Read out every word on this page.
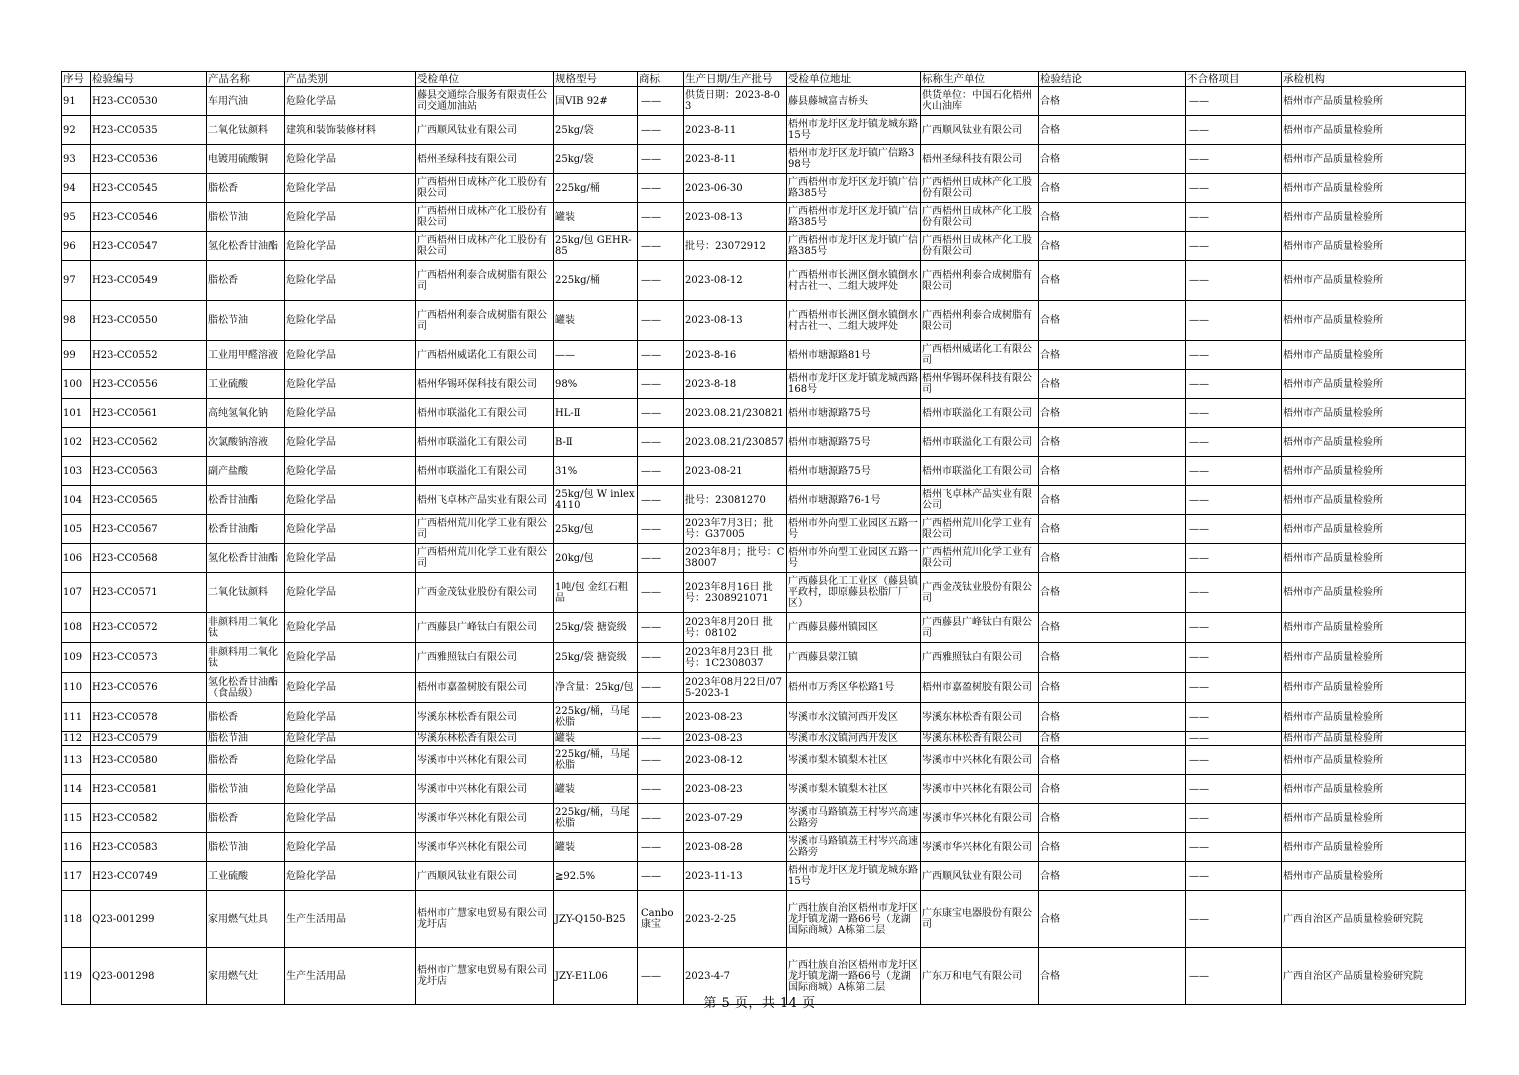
序号	检验编号	产品名称	产品类别	受检单位	规格型号	商标	生产日期/生产批号	受检单位地址	标称生产单位	检验结论	不合格项目	承检机构
91	H23-CC0530	车用汽油	危险化学品	藤县交通综合服务有限责任公司交通加油站	国VIB 92#	——	供货日期：2023-8-03	藤县藤城富吉桥头	供货单位：中国石化梧州火山油库	合格	——	梧州市产品质量检验所
92	H23-CC0535	二氧化钛颜料	建筑和装饰装修材料	广西顺风钛业有限公司	25kg/袋	——	2023-8-11	梧州市龙圩区龙圩镇龙城东路15号	广西顺风钛业有限公司	合格	——	梧州市产品质量检验所
93	H23-CC0536	电镀用硫酸铜	危险化学品	梧州圣绿科技有限公司	25kg/袋	——	2023-8-11	梧州市龙圩区龙圩镇广信路398号	梧州圣绿科技有限公司	合格	——	梧州市产品质量检验所
94	H23-CC0545	脂松香	危险化学品	广西梧州日成林产化工股份有限公司	225kg/桶	——	2023-06-30	广西梧州市龙圩区龙圩镇广信路385号	广西梧州日成林产化工股份有限公司	合格	——	梧州市产品质量检验所
95	H23-CC0546	脂松节油	危险化学品	广西梧州日成林产化工股份有限公司	罐装	——	2023-08-13	广西梧州市龙圩区龙圩镇广信路385号	广西梧州日成林产化工股份有限公司	合格	——	梧州市产品质量检验所
96	H23-CC0547	氢化松香甘油酯	危险化学品	广西梧州日成林产化工股份有限公司	25kg/包 GEHR-85	——	批号：23072912	广西梧州市龙圩区龙圩镇广信路385号	广西梧州日成林产化工股份有限公司	合格	——	梧州市产品质量检验所
97	H23-CC0549	脂松香	危险化学品	广西梧州利泰合成树脂有限公司	225kg/桶	——	2023-08-12	广西梧州市长洲区倒水镇倒水村古社一、二组大坡坪处	广西梧州利泰合成树脂有限公司	合格	——	梧州市产品质量检验所
98	H23-CC0550	脂松节油	危险化学品	广西梧州利泰合成树脂有限公司	罐装	——	2023-08-13	广西梧州市长洲区倒水镇倒水村古社一、二组大坡坪处	广西梧州利泰合成树脂有限公司	合格	——	梧州市产品质量检验所
99	H23-CC0552	工业用甲醛溶液	危险化学品	广西梧州威诺化工有限公司	——	——	2023-8-16	梧州市塘源路81号	广西梧州威诺化工有限公司	合格	——	梧州市产品质量检验所
100	H23-CC0556	工业硫酸	危险化学品	梧州华锡环保科技有限公司	98%	——	2023-8-18	梧州市龙圩区龙圩镇龙城西路168号	梧州华锡环保科技有限公司	合格	——	梧州市产品质量检验所
101	H23-CC0561	高纯氢氧化钠	危险化学品	梧州市联溢化工有限公司	HL-Ⅱ	——	2023.08.21/230821	梧州市塘源路75号	梧州市联溢化工有限公司	合格	——	梧州市产品质量检验所
102	H23-CC0562	次氯酸钠溶液	危险化学品	梧州市联溢化工有限公司	B-Ⅱ	——	2023.08.21/230857	梧州市塘源路75号	梧州市联溢化工有限公司	合格	——	梧州市产品质量检验所
103	H23-CC0563	副产盐酸	危险化学品	梧州市联溢化工有限公司	31%	——	2023-08-21	梧州市塘源路75号	梧州市联溢化工有限公司	合格	——	梧州市产品质量检验所
104	H23-CC0565	松香甘油酯	危险化学品	梧州飞卓林产品实业有限公司	25kg/包 W inlex4110	——	批号：23081270	梧州市塘源路76-1号	梧州飞卓林产品实业有限公司	合格	——	梧州市产品质量检验所
105	H23-CC0567	松香甘油酯	危险化学品	广西梧州荒川化学工业有限公司	25kg/包	——	2023年7月3日；批号：G37005	梧州市外向型工业园区五路一号	广西梧州荒川化学工业有限公司	合格	——	梧州市产品质量检验所
106	H23-CC0568	氢化松香甘油酯	危险化学品	广西梧州荒川化学工业有限公司	20kg/包	——	2023年8月；批号：C38007	梧州市外向型工业园区五路一号	广西梧州荒川化学工业有限公司	合格	——	梧州市产品质量检验所
107	H23-CC0571	二氧化钛颜料	危险化学品	广西金茂钛业股份有限公司	1吨/包 金红石粗品	——	2023年8月16日 批号：2308921071	广西藤县化工工业区（藤县镇平政村，即原藤县松脂厂厂区）	广西金茂钛业股份有限公司	合格	——	梧州市产品质量检验所
108	H23-CC0572	非颜料用二氧化钛	危险化学品	广西藤县广峰钛白有限公司	25kg/袋 搪瓷级	——	2023年8月20日 批号：08102	广西藤县藤州镇园区	广西藤县广峰钛白有限公司	合格	——	梧州市产品质量检验所
109	H23-CC0573	非颜料用二氧化钛	危险化学品	广西雅照钛白有限公司	25kg/袋 搪瓷级	——	2023年8月23日 批号：1C2308037	广西藤县蒙江镇	广西雅照钛白有限公司	合格	——	梧州市产品质量检验所
110	H23-CC0576	氢化松香甘油酯（食品级）	危险化学品	梧州市嘉盈树胶有限公司	净含量：25kg/包	——	2023年08月22日/075-2023-1	梧州市万秀区华松路1号	梧州市嘉盈树胶有限公司	合格	——	梧州市产品质量检验所
111	H23-CC0578	脂松香	危险化学品	岑溪东林松香有限公司	225kg/桶，马尾松脂	——	2023-08-23	岑溪市水汶镇河西开发区	岑溪东林松香有限公司	合格	——	梧州市产品质量检验所
112	H23-CC0579	脂松节油	危险化学品	岑溪东林松香有限公司	罐装	——	2023-08-23	岑溪市水汶镇河西开发区	岑溪东林松香有限公司	合格	——	梧州市产品质量检验所
113	H23-CC0580	脂松香	危险化学品	岑溪市中兴林化有限公司	225kg/桶，马尾松脂	——	2023-08-12	岑溪市梨木镇梨木社区	岑溪市中兴林化有限公司	合格	——	梧州市产品质量检验所
114	H23-CC0581	脂松节油	危险化学品	岑溪市中兴林化有限公司	罐装	——	2023-08-23	岑溪市梨木镇梨木社区	岑溪市中兴林化有限公司	合格	——	梧州市产品质量检验所
115	H23-CC0582	脂松香	危险化学品	岑溪市华兴林化有限公司	225kg/桶，马尾松脂	——	2023-07-29	岑溪市马路镇荔王村岑兴高速公路旁	岑溪市华兴林化有限公司	合格	——	梧州市产品质量检验所
116	H23-CC0583	脂松节油	危险化学品	岑溪市华兴林化有限公司	罐装	——	2023-08-28	岑溪市马路镇荔王村岑兴高速公路旁	岑溪市华兴林化有限公司	合格	——	梧州市产品质量检验所
117	H23-CC0749	工业硫酸	危险化学品	广西顺风钛业有限公司	≧92.5%	——	2023-11-13	梧州市龙圩区龙圩镇龙城东路15号	广西顺风钛业有限公司	合格	——	梧州市产品质量检验所
118	Q23-001299	家用燃气灶具	生产生活用品	梧州市广慧家电贸易有限公司龙圩店	JZY-Q150-B25	Canbo康宝	2023-2-25	广西壮族自治区梧州市龙圩区龙圩镇龙湖一路66号（龙湖国际商城）A栋第二层	广东康宝电器股份有限公司	合格	——	广西自治区产品质量检验研究院
119	Q23-001298	家用燃气灶	生产生活用品	梧州市广慧家电贸易有限公司龙圩店	JZY-E1L06	——	2023-4-7	广西壮族自治区梧州市龙圩区龙圩镇龙湖一路66号（龙湖国际商城）A栋第二层	广东万和电气有限公司	合格	——	广西自治区产品质量检验研究院
第 5 页，共 14 页
